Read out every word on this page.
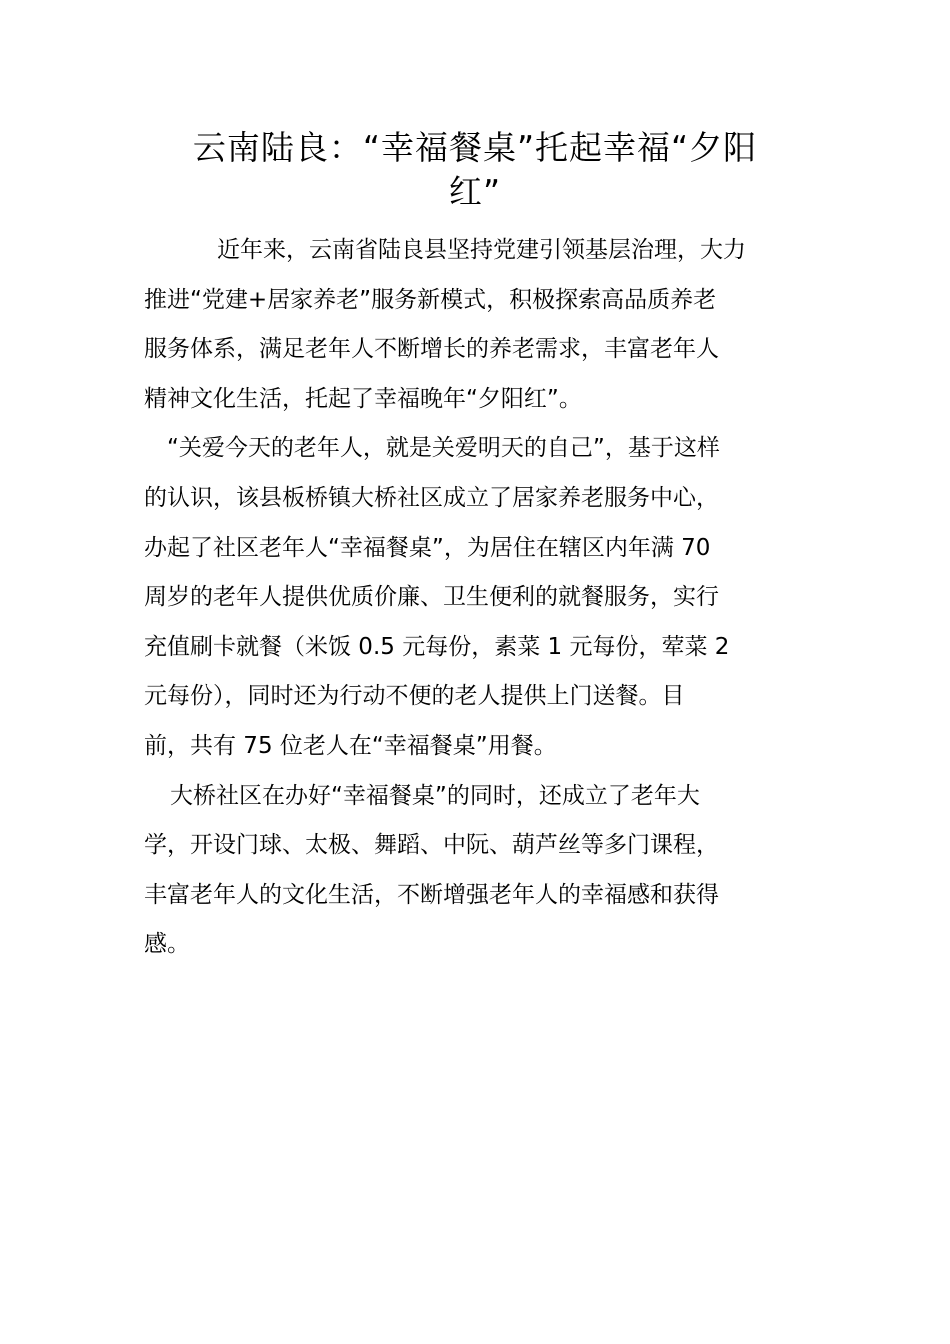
云南陆良：“幸福餐桌”托起幸福“夕阳
红”
近年来，云南省陆良县坚持党建引领基层治理，大力
推进“党建+居家养老”服务新模式，积极探索高品质养老
服务体系，满足老年人不断增长的养老需求，丰富老年人
精神文化生活，托起了幸福晚年“夕阳红”。
“关爱今天的老年人，就是关爱明天的自己”，基于这样
的认识，该县板桥镇大桥社区成立了居家养老服务中心，
办起了社区老年人“幸福餐桌”，为居住在辖区内年满 70
周岁的老年人提供优质价廉、卫生便利的就餐服务，实行
充值刷卡就餐（米饭 0.5 元每份，素菜 1 元每份，荤菜 2
元每份），同时还为行动不便的老人提供上门送餐。目
前，共有 75 位老人在“幸福餐桌”用餐。
大桥社区在办好“幸福餐桌”的同时，还成立了老年大
学，开设门球、太极、舞蹈、中阮、葫芦丝等多门课程，
丰富老年人的文化生活，不断增强老年人的幸福感和获得
感。
